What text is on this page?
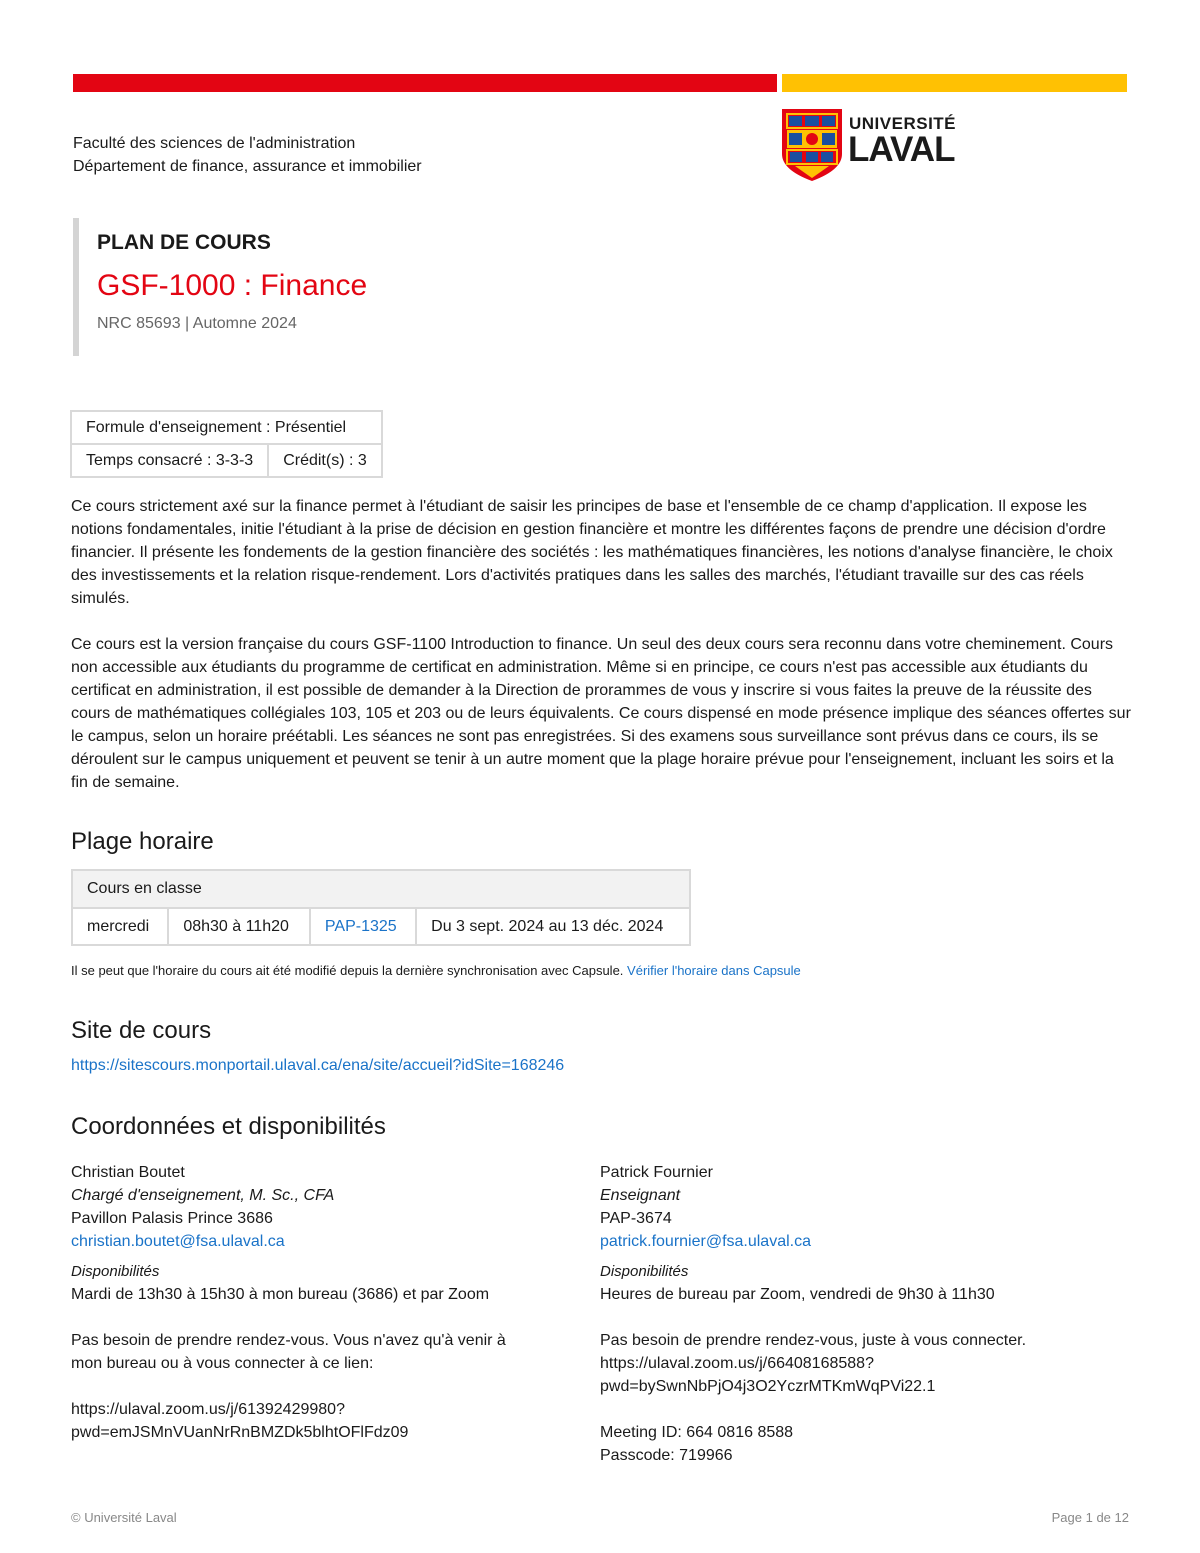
Faculté des sciences de l'administration
Département de finance, assurance et immobilier
UNIVERSITÉ
LAVAL
PLAN DE COURS
GSF-1000 : Finance
NRC 85693 | Automne 2024
Formule d'enseignement : Présentiel
Temps consacré : 3-3-3	Crédit(s) : 3

Ce cours strictement axé sur la finance permet à l'étudiant de saisir les principes de base et l'ensemble de ce champ d'application. Il expose les notions fondamentales, initie l'étudiant à la prise de décision en gestion financière et montre les différentes façons de prendre une décision d'ordre financier. Il présente les fondements de la gestion financière des sociétés : les mathématiques financières, les notions d'analyse financière, le choix des investissements et la relation risque-rendement. Lors d'activités pratiques dans les salles des marchés, l'étudiant travaille sur des cas réels simulés.

Ce cours est la version française du cours GSF-1100 Introduction to finance. Un seul des deux cours sera reconnu dans votre cheminement. Cours non accessible aux étudiants du programme de certificat en administration. Même si en principe, ce cours n'est pas accessible aux étudiants du certificat en administration, il est possible de demander à la Direction de prorammes de vous y inscrire si vous faites la preuve de la réussite des cours de mathématiques collégiales 103, 105 et 203 ou de leurs équivalents. Ce cours dispensé en mode présence implique des séances offertes sur le campus, selon un horaire préétabli. Les séances ne sont pas enregistrées. Si des examens sous surveillance sont prévus dans ce cours, ils se déroulent sur le campus uniquement et peuvent se tenir à un autre moment que la plage horaire prévue pour l'enseignement, incluant les soirs et la fin de semaine.

Plage horaire
Cours en classe
mercredi	08h30 à 11h20	PAP-1325	Du 3 sept. 2024 au 13 déc. 2024
Il se peut que l'horaire du cours ait été modifié depuis la dernière synchronisation avec Capsule. Vérifier l'horaire dans Capsule
Site de cours
https://sitescours.monportail.ulaval.ca/ena/site/accueil?idSite=168246
Coordonnées et disponibilités
Christian Boutet
Chargé d'enseignement, M. Sc., CFA
Pavillon Palasis Prince 3686
christian.boutet@fsa.ulaval.ca
Disponibilités
Mardi de 13h30 à 15h30 à mon bureau (3686) et par Zoom
Pas besoin de prendre rendez-vous. Vous n'avez qu'à venir à
mon bureau ou à vous connecter à ce lien:
https://ulaval.zoom.us/j/61392429980?
pwd=emJSMnVUanNrRnBMZDk5blhtOFlFdz09
Patrick Fournier
Enseignant
PAP-3674
patrick.fournier@fsa.ulaval.ca
Disponibilités
Heures de bureau par Zoom, vendredi de 9h30 à 11h30
Pas besoin de prendre rendez-vous, juste à vous connecter.
https://ulaval.zoom.us/j/66408168588?
pwd=bySwnNbPjO4j3O2YczrMTKmWqPVi22.1
Meeting ID: 664 0816 8588
Passcode: 719966
© Université Laval	Page 1 de 12
